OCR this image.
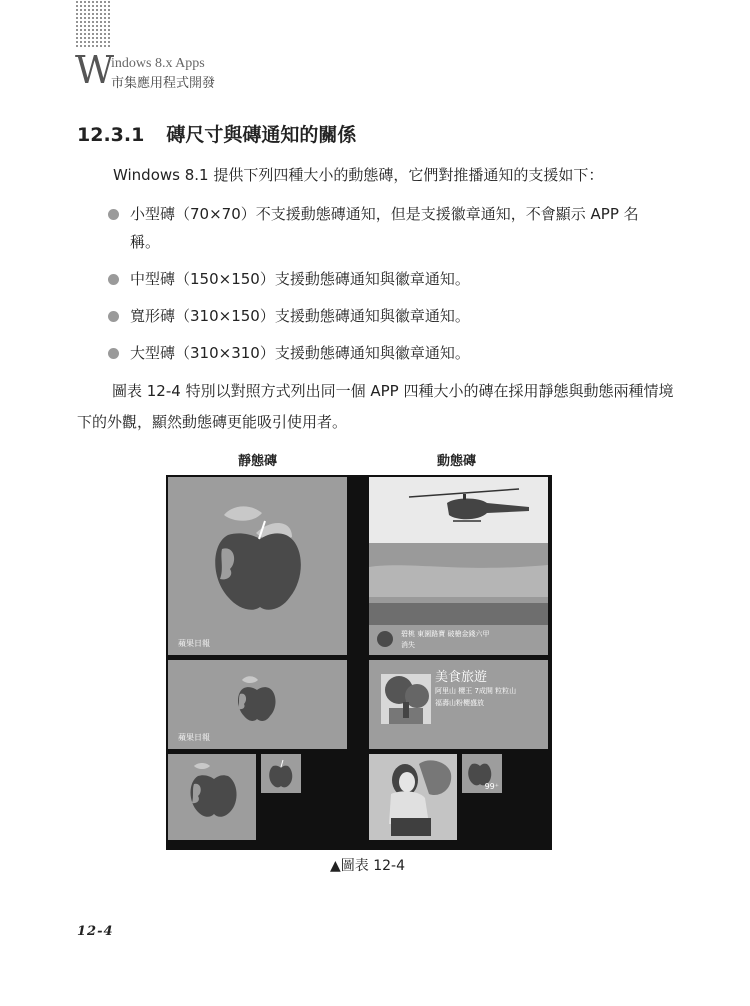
W
indows 8.x Apps
市集應用程式開發
12.3.1 磚尺寸與磚通知的關係
Windows 8.1 提供下列四種大小的動態磚，它們對推播通知的支援如下：
小型磚（70×70）不支援動態磚通知，但是支援徽章通知，不會顯示 APP 名稱。
中型磚（150×150）支援動態磚通知與徽章通知。
寬形磚（310×150）支援動態磚通知與徽章通知。
大型磚（310×310）支援動態磚通知與徽章通知。
圖表 12-4 特別以對照方式列出同一個 APP 四種大小的磚在採用靜態與動態兩種情境下的外觀，顯然動態磚更能吸引使用者。
靜態磚	動態磚
蘋果日報
蘋果日報
碧桃 東園路寶 破槍金錢六甲
消失
美食旅遊
阿里山 櫻王 7成開 粒粒山
福壽山粉櫻盛放
99⁺
▲圖表 12-4
12-4
